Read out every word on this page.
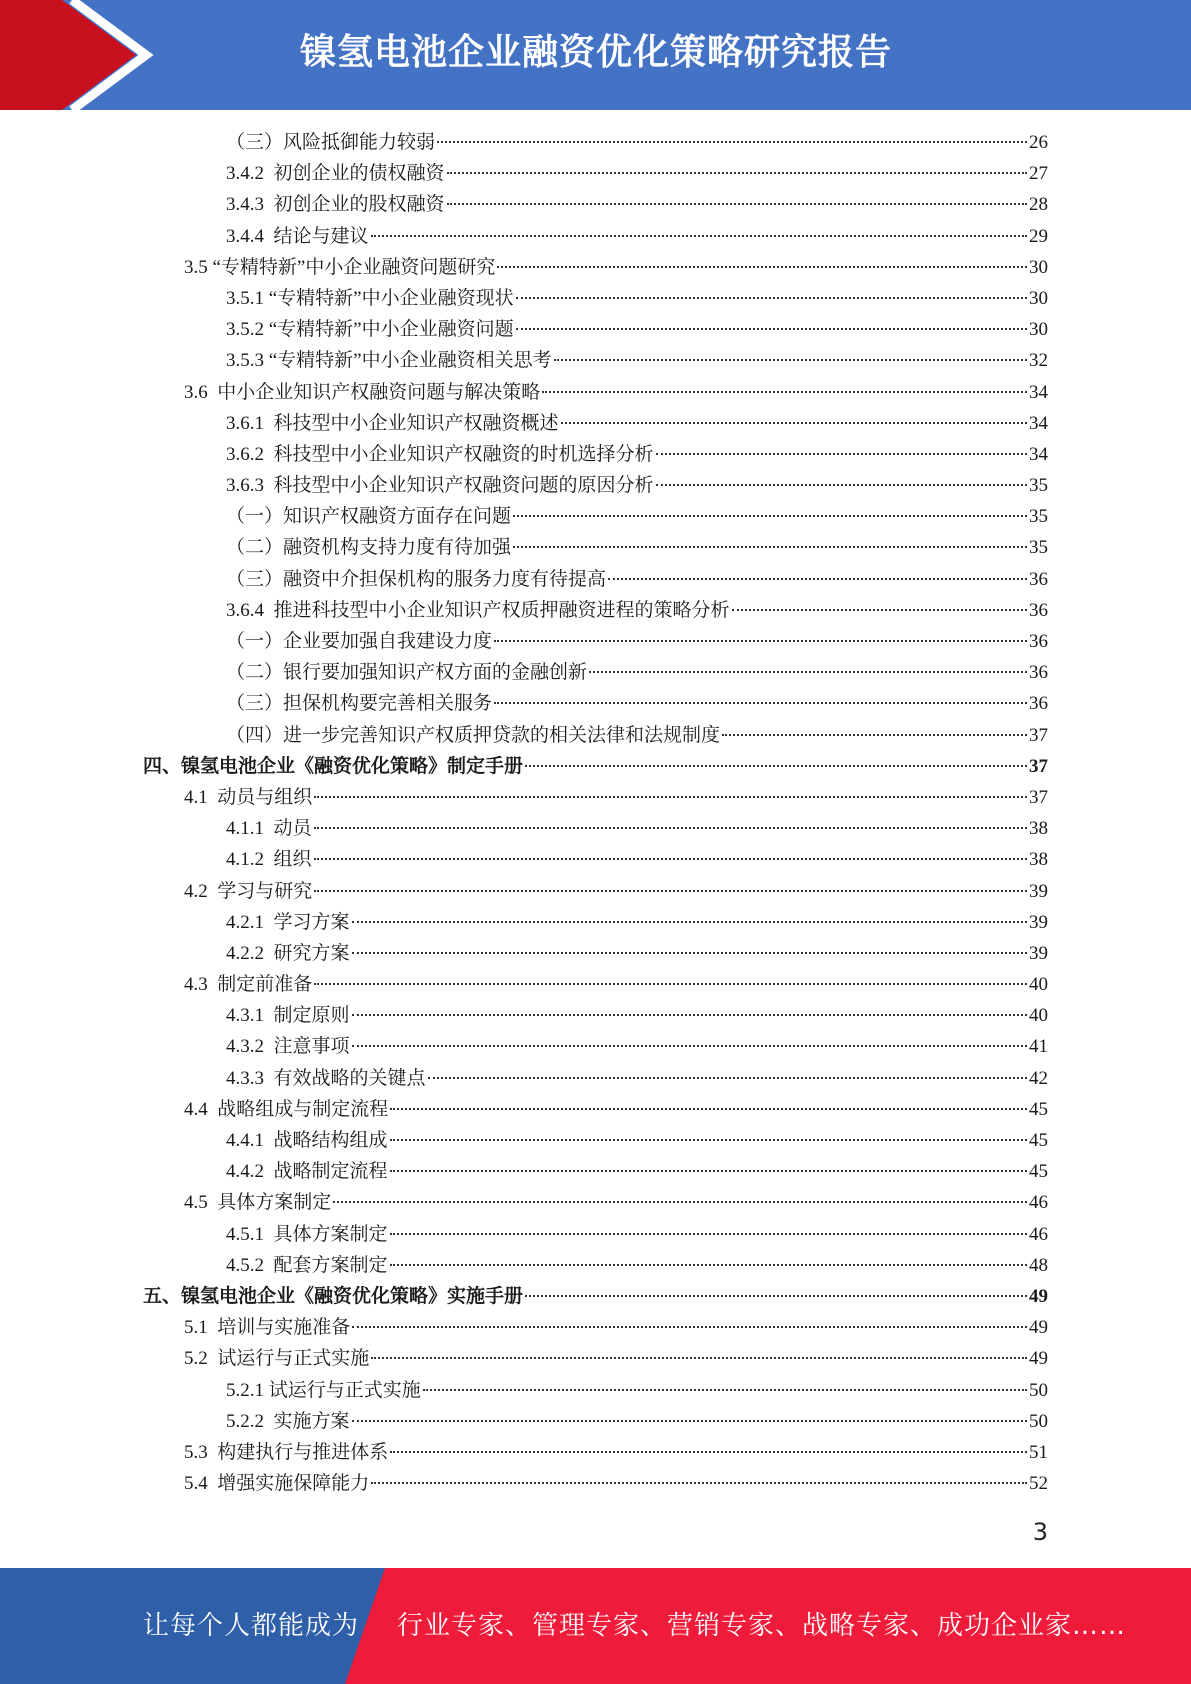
镍氢电池企业融资优化策略研究报告
（三）风险抵御能力较弱	26
3.4.2  初创企业的债权融资	27
3.4.3  初创企业的股权融资	28
3.4.4  结论与建议	29
3.5 “专精特新”中小企业融资问题研究	30
3.5.1 “专精特新”中小企业融资现状	30
3.5.2 “专精特新”中小企业融资问题	30
3.5.3 “专精特新”中小企业融资相关思考	32
3.6  中小企业知识产权融资问题与解决策略	34
3.6.1  科技型中小企业知识产权融资概述	34
3.6.2  科技型中小企业知识产权融资的时机选择分析	34
3.6.3  科技型中小企业知识产权融资问题的原因分析	35
（一）知识产权融资方面存在问题	35
（二）融资机构支持力度有待加强	35
（三）融资中介担保机构的服务力度有待提高	36
3.6.4  推进科技型中小企业知识产权质押融资进程的策略分析	36
（一）企业要加强自我建设力度	36
（二）银行要加强知识产权方面的金融创新	36
（三）担保机构要完善相关服务	36
（四）进一步完善知识产权质押贷款的相关法律和法规制度	37
四、镍氢电池企业《融资优化策略》制定手册	37
4.1  动员与组织	37
4.1.1  动员	38
4.1.2  组织	38
4.2  学习与研究	39
4.2.1  学习方案	39
4.2.2  研究方案	39
4.3  制定前准备	40
4.3.1  制定原则	40
4.3.2  注意事项	41
4.3.3  有效战略的关键点	42
4.4  战略组成与制定流程	45
4.4.1  战略结构组成	45
4.4.2  战略制定流程	45
4.5  具体方案制定	46
4.5.1  具体方案制定	46
4.5.2  配套方案制定	48
五、镍氢电池企业《融资优化策略》实施手册	49
5.1  培训与实施准备	49
5.2  试运行与正式实施	49
5.2.1 试运行与正式实施	50
5.2.2  实施方案	50
5.3  构建执行与推进体系	51
5.4  增强实施保障能力	52
3
让每个人都能成为 行业专家、管理专家、营销专家、战略专家、成功企业家……
